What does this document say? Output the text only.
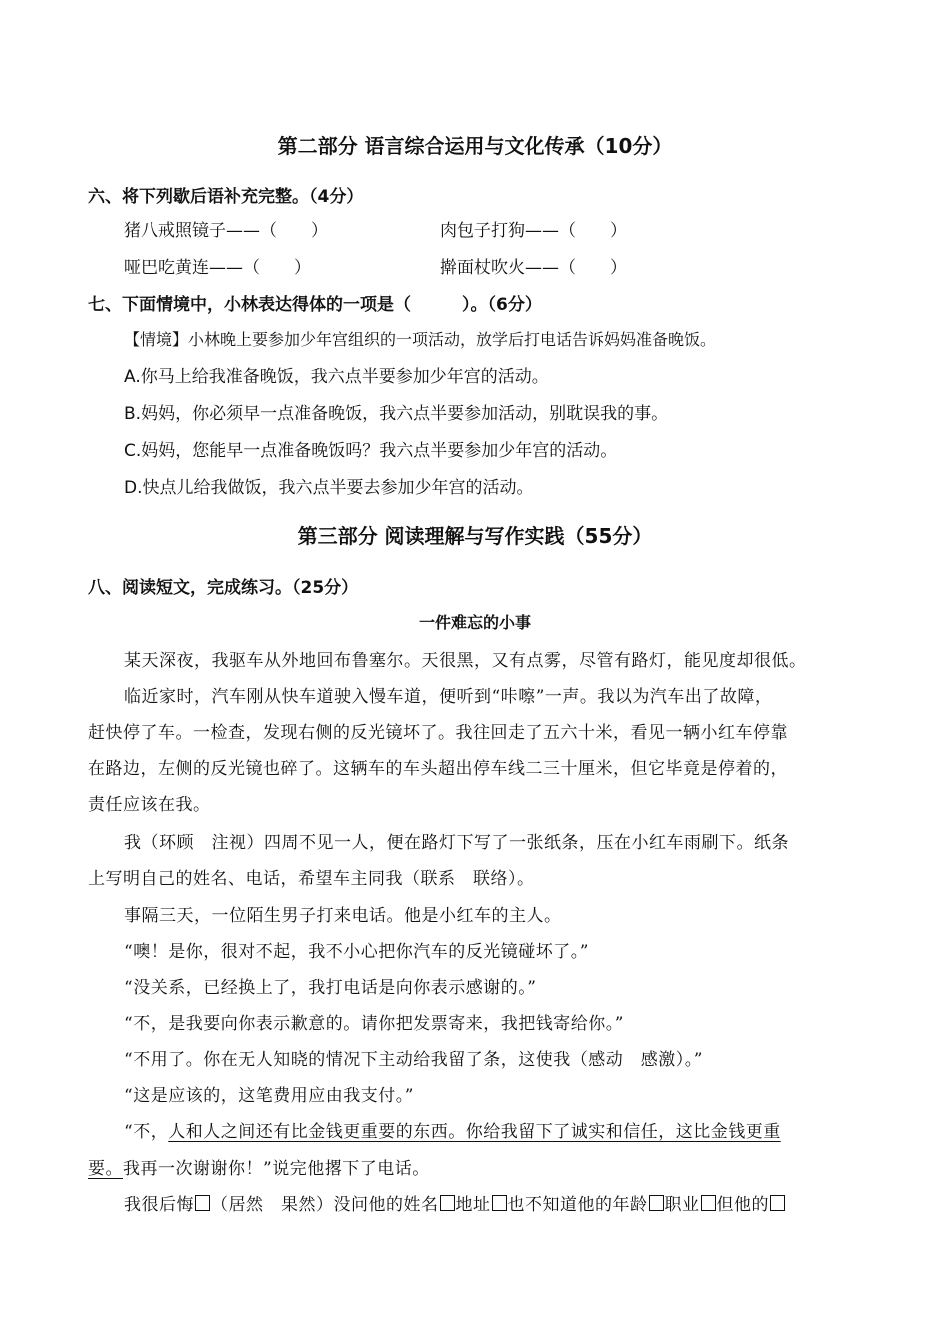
第二部分 语言综合运用与文化传承（10分）
六、将下列歇后语补充完整。（4分）
猪八戒照镜子——（　　）	肉包子打狗——（　　）
哑巴吃黄连——（　　）	擀面杖吹火——（　　）
七、下面情境中，小林表达得体的一项是（　　　）。（6分）
【情境】小林晚上要参加少年宫组织的一项活动，放学后打电话告诉妈妈准备晚饭。
A.你马上给我准备晚饭，我六点半要参加少年宫的活动。
B.妈妈，你必须早一点准备晚饭，我六点半要参加活动，别耽误我的事。
C.妈妈，您能早一点准备晚饭吗？我六点半要参加少年宫的活动。
D.快点儿给我做饭，我六点半要去参加少年宫的活动。
第三部分 阅读理解与写作实践（55分）
八、阅读短文，完成练习。（25分）
一件难忘的小事
某天深夜，我驱车从外地回布鲁塞尔。天很黑，又有点雾，尽管有路灯，能见度却很低。
临近家时，汽车刚从快车道驶入慢车道，便听到“咔嚓”一声。我以为汽车出了故障，
赶快停了车。一检查，发现右侧的反光镜坏了。我往回走了五六十米，看见一辆小红车停靠
在路边，左侧的反光镜也碎了。这辆车的车头超出停车线二三十厘米，但它毕竟是停着的，
责任应该在我。
我（环顾　注视）四周不见一人，便在路灯下写了一张纸条，压在小红车雨刷下。纸条
上写明自己的姓名、电话，希望车主同我（联系　联络）。
事隔三天，一位陌生男子打来电话。他是小红车的主人。
“噢！是你，很对不起，我不小心把你汽车的反光镜碰坏了。”
“没关系，已经换上了，我打电话是向你表示感谢的。”
“不，是我要向你表示歉意的。请你把发票寄来，我把钱寄给你。”
“不用了。你在无人知晓的情况下主动给我留了条，这使我（感动　感激）。”
“这是应该的，这笔费用应由我支付。”
“不，人和人之间还有比金钱更重要的东西。你给我留下了诚实和信任，这比金钱更重
要。我再一次谢谢你！”说完他撂下了电话。
我很后悔 （居然　果然）没问他的姓名 地址 也不知道他的年龄 职业 但他的
